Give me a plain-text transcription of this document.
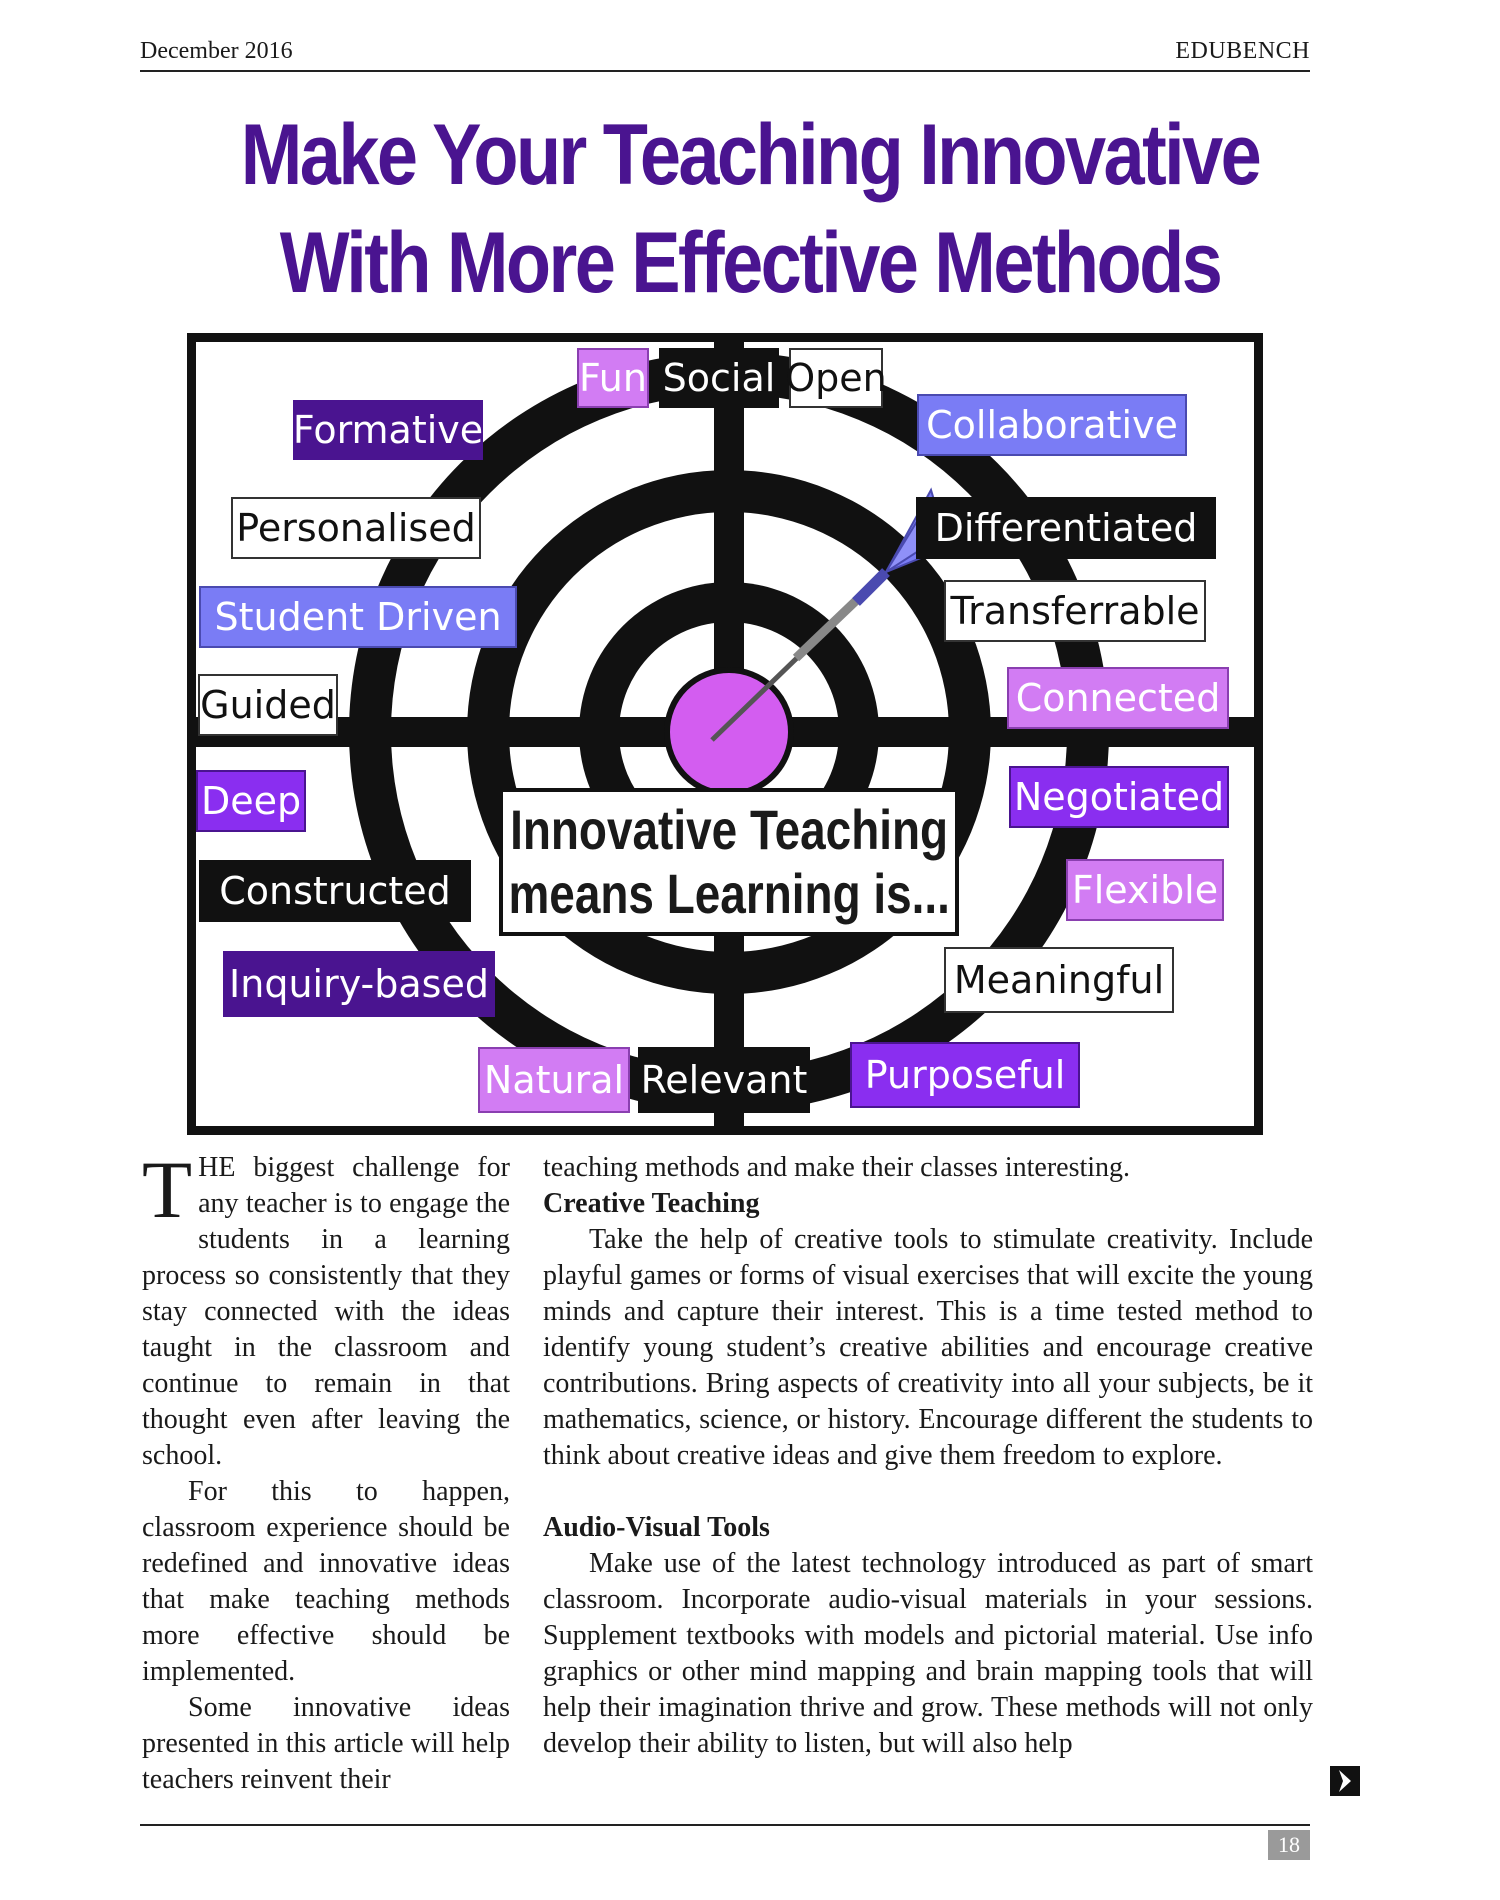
December 2016	EDUBENCH
Make Your Teaching Innovative
With More Effective Methods
Fun Social Open
Formative	Collaborative
Personalised	Differentiated
Student Driven	Transferrable
Guided	Connected
Deep	Negotiated
Constructed	Flexible
Inquiry-based	Meaningful
Natural Relevant	Purposeful
Innovative Teaching
means Learning is...

THE biggest challenge for any teacher is to engage the students in a learning process so consistently that they stay connected with the ideas taught in the classroom and continue to remain in that thought even after leaving the school.

For this to happen, classroom experience should be redefined and innovative ideas that make teaching methods more effective should be implemented.

Some innovative ideas presented in this article will help teachers reinvent their

teaching methods and make their classes interesting.

Creative Teaching

Take the help of creative tools to stimulate creativity. Include playful games or forms of visual exercises that will excite the young minds and capture their interest. This is a time tested method to identify young student’s creative abilities and encourage creative contributions. Bring aspects of creativity into all your subjects, be it mathematics, science, or history. Encourage different the students to think about creative ideas and give them freedom to explore.

Audio-Visual Tools

Make use of the latest technology introduced as part of smart classroom. Incorporate audio-visual materials in your sessions. Supplement textbooks with models and pictorial material. Use info graphics or other mind mapping and brain mapping tools that will help their imagination thrive and grow. These methods will not only develop their ability to listen, but will also help

18
